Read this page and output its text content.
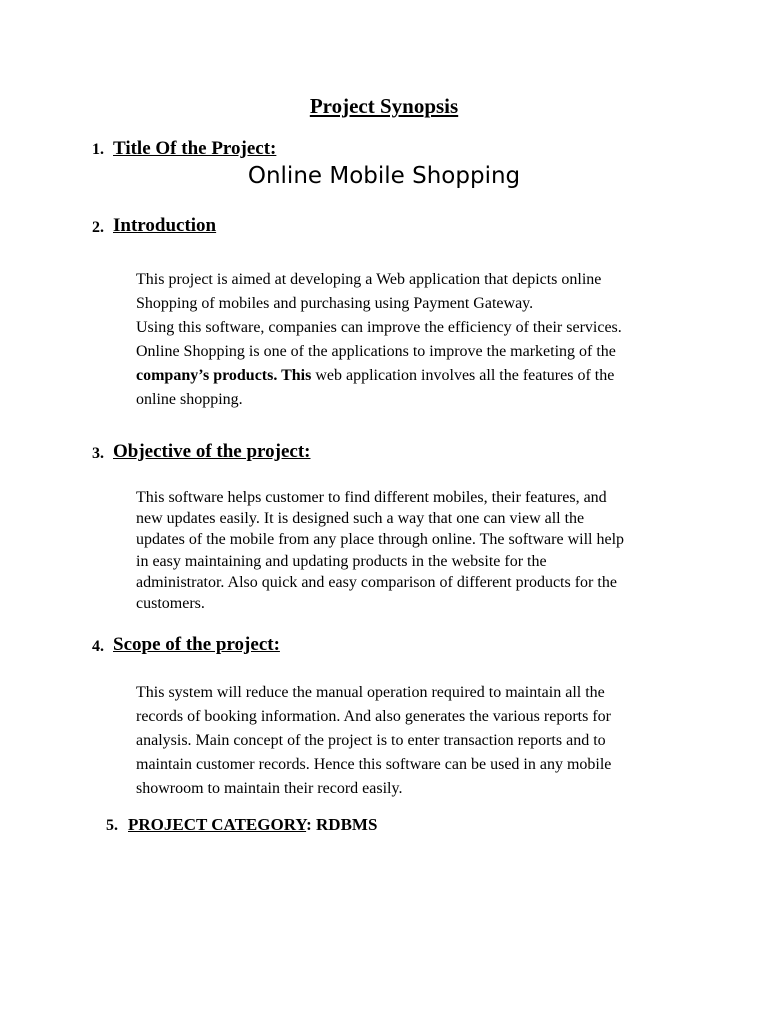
Project Synopsis
1. Title Of the Project:
Online Mobile Shopping
2. Introduction
This project is aimed at developing a Web application that depicts online
Shopping of mobiles and purchasing using Payment Gateway.
Using this software, companies can improve the efficiency of their services.
Online Shopping is one of the applications to improve the marketing of the
company’s products. This web application involves all the features of the
online shopping.
3. Objective of the project:
This software helps customer to find different mobiles, their features, and
new updates easily. It is designed such a way that one can view all the
updates of the mobile from any place through online. The software will help
in easy maintaining and updating products in the website for the
administrator. Also quick and easy comparison of different products for the
customers.
4. Scope of the project:
This system will reduce the manual operation required to maintain all the
records of booking information. And also generates the various reports for
analysis. Main concept of the project is to enter transaction reports and to
maintain customer records. Hence this software can be used in any mobile
showroom to maintain their record easily.
5. PROJECT CATEGORY: RDBMS
